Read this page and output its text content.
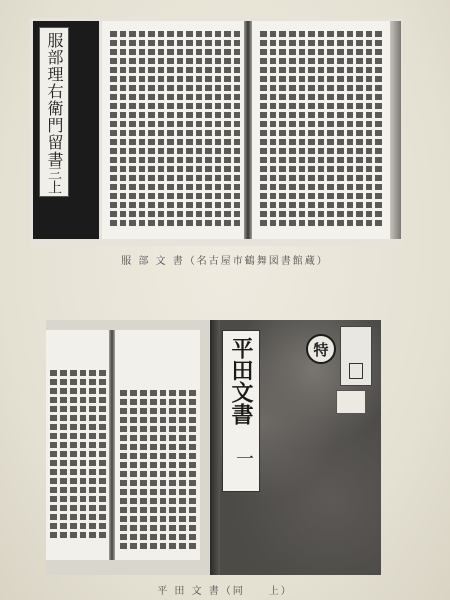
服部理右衛門留書
三上
服 部 文 書（名古屋市鶴舞図書館蔵）
平田文書
一
特
平 田 文 書（同　　上）
